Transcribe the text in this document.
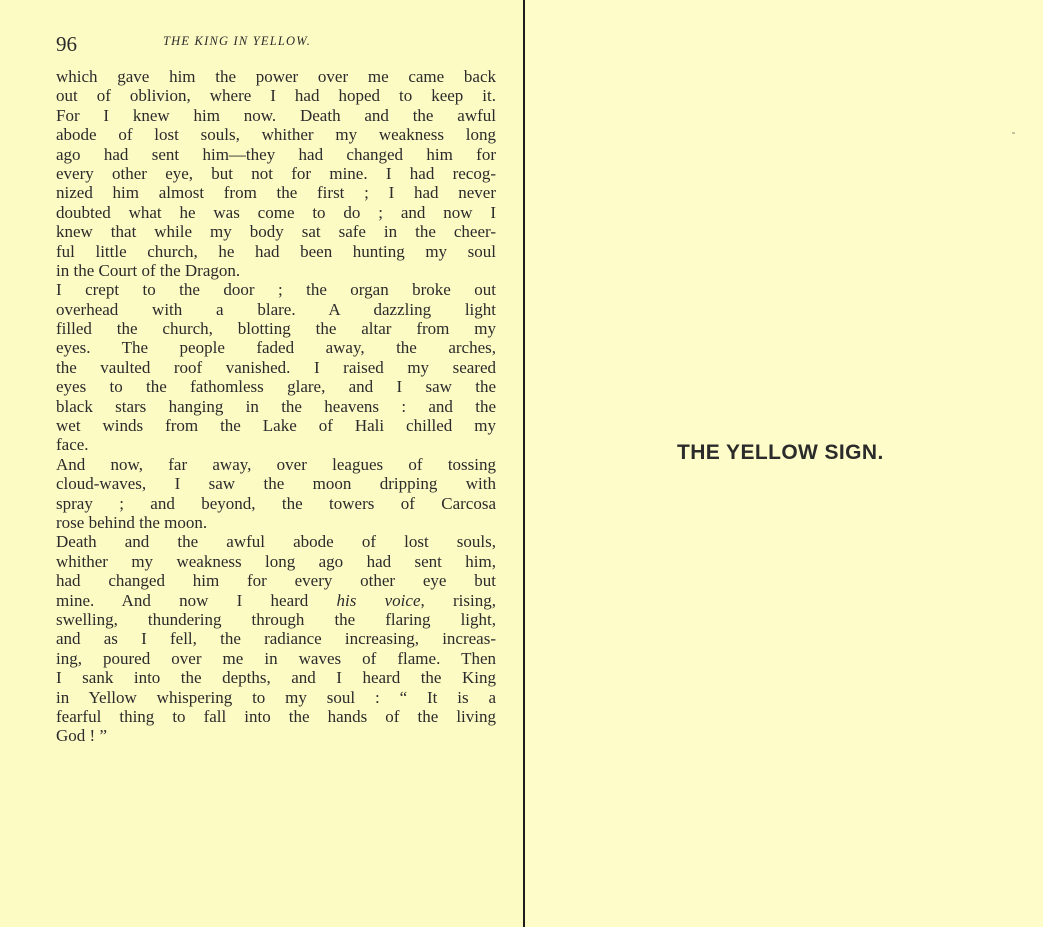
96	THE KING IN YELLOW.
which gave him the power over me came back
out of oblivion, where I had hoped to keep it.
For I knew him now. Death and the awful
abode of lost souls, whither my weakness long
ago had sent him—they had changed him for
every other eye, but not for mine. I had recog-
nized him almost from the first ; I had never
doubted what he was come to do ; and now I
knew that while my body sat safe in the cheer-
ful little church, he had been hunting my soul
in the Court of the Dragon.
I crept to the door ; the organ broke out
overhead with a blare. A dazzling light
filled the church, blotting the altar from my
eyes. The people faded away, the arches,
the vaulted roof vanished. I raised my seared
eyes to the fathomless glare, and I saw the
black stars hanging in the heavens : and the
wet winds from the Lake of Hali chilled my
face.
And now, far away, over leagues of tossing
cloud-waves, I saw the moon dripping with
spray ; and beyond, the towers of Carcosa
rose behind the moon.
Death and the awful abode of lost souls,
whither my weakness long ago had sent him,
had changed him for every other eye but
mine. And now I heard his voice, rising,
swelling, thundering through the flaring light,
and as I fell, the radiance increasing, increas-
ing, poured over me in waves of flame. Then
I sank into the depths, and I heard the King
in Yellow whispering to my soul : “ It is a
fearful thing to fall into the hands of the living
God ! ”
THE YELLOW SIGN.
